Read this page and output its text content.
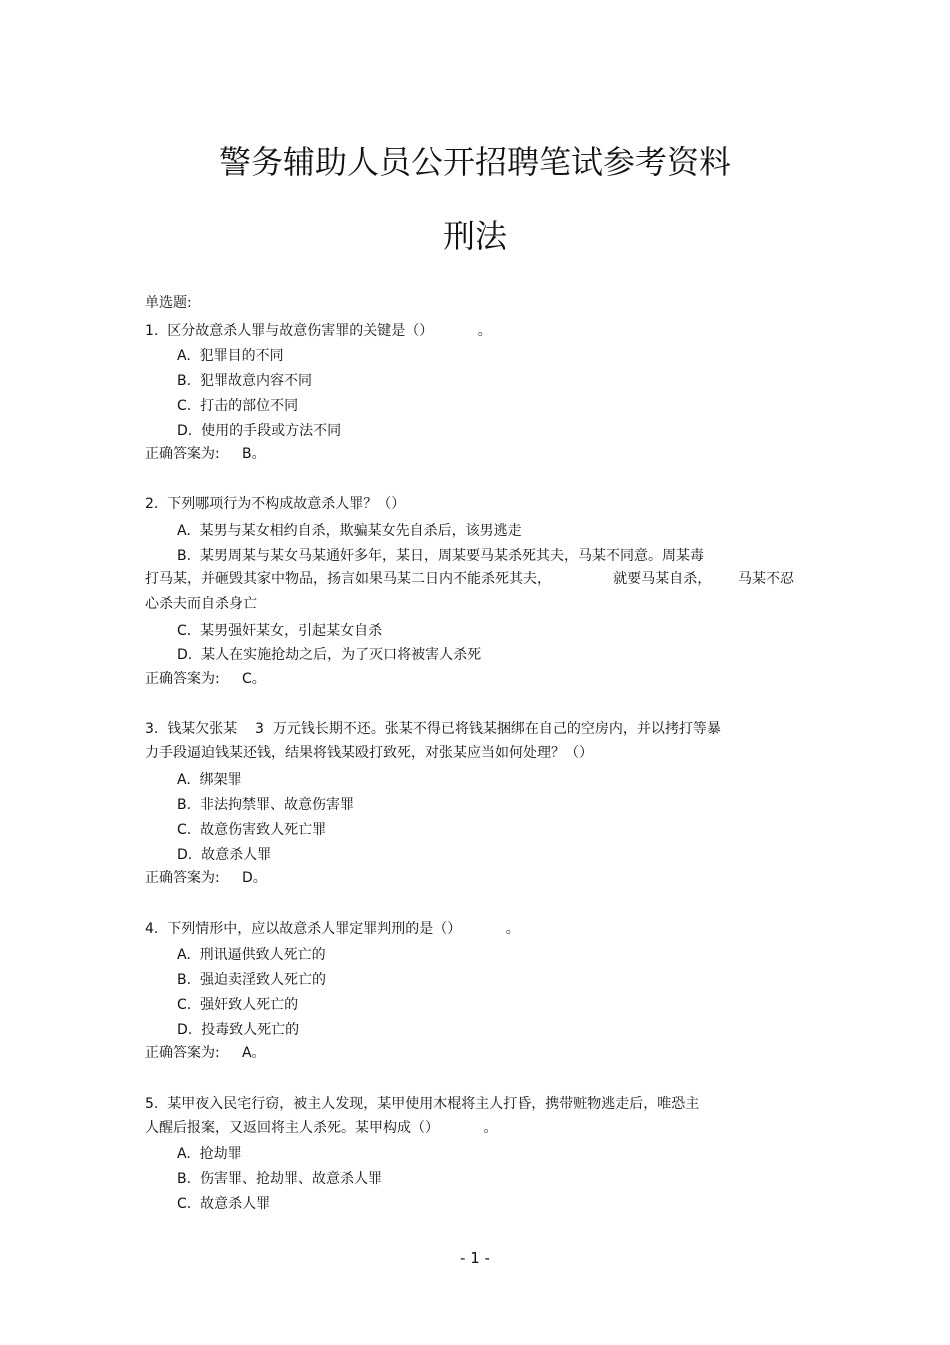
警务辅助人员公开招聘笔试参考资料
刑法
单选题:
1.  区分故意杀人罪与故意伤害罪的关键是（）          。
A.  犯罪目的不同
B.  犯罪故意内容不同
C.  打击的部位不同
D.  使用的手段或方法不同
正确答案为:     B。
2.  下列哪项行为不构成故意杀人罪？（）
A.  某男与某女相约自杀，欺骗某女先自杀后，该男逃走
B.  某男周某与某女马某通奸多年，某日，周某要马某杀死其夫，马某不同意。周某毒
打马某，并砸毁其家中物品，扬言如果马某二日内不能杀死其夫，              就要马某自杀，      马某不忍
心杀夫而自杀身亡
C.  某男强奸某女，引起某女自杀
D.  某人在实施抢劫之后，为了灭口将被害人杀死
正确答案为:     C。
3.  钱某欠张某    3  万元钱长期不还。张某不得已将钱某捆绑在自己的空房内，并以拷打等暴
力手段逼迫钱某还钱，结果将钱某殴打致死，对张某应当如何处理？（）
A.  绑架罪
B.  非法拘禁罪、故意伤害罪
C.  故意伤害致人死亡罪
D.  故意杀人罪
正确答案为:     D。
4.  下列情形中，应以故意杀人罪定罪判刑的是（）          。
A.  刑讯逼供致人死亡的
B.  强迫卖淫致人死亡的
C.  强奸致人死亡的
D.  投毒致人死亡的
正确答案为:     A。
5.  某甲夜入民宅行窃，被主人发现，某甲使用木棍将主人打昏，携带赃物逃走后，唯恐主
人醒后报案，又返回将主人杀死。某甲构成（）          。
A.  抢劫罪
B.  伤害罪、抢劫罪、故意杀人罪
C.  故意杀人罪
- 1 -
